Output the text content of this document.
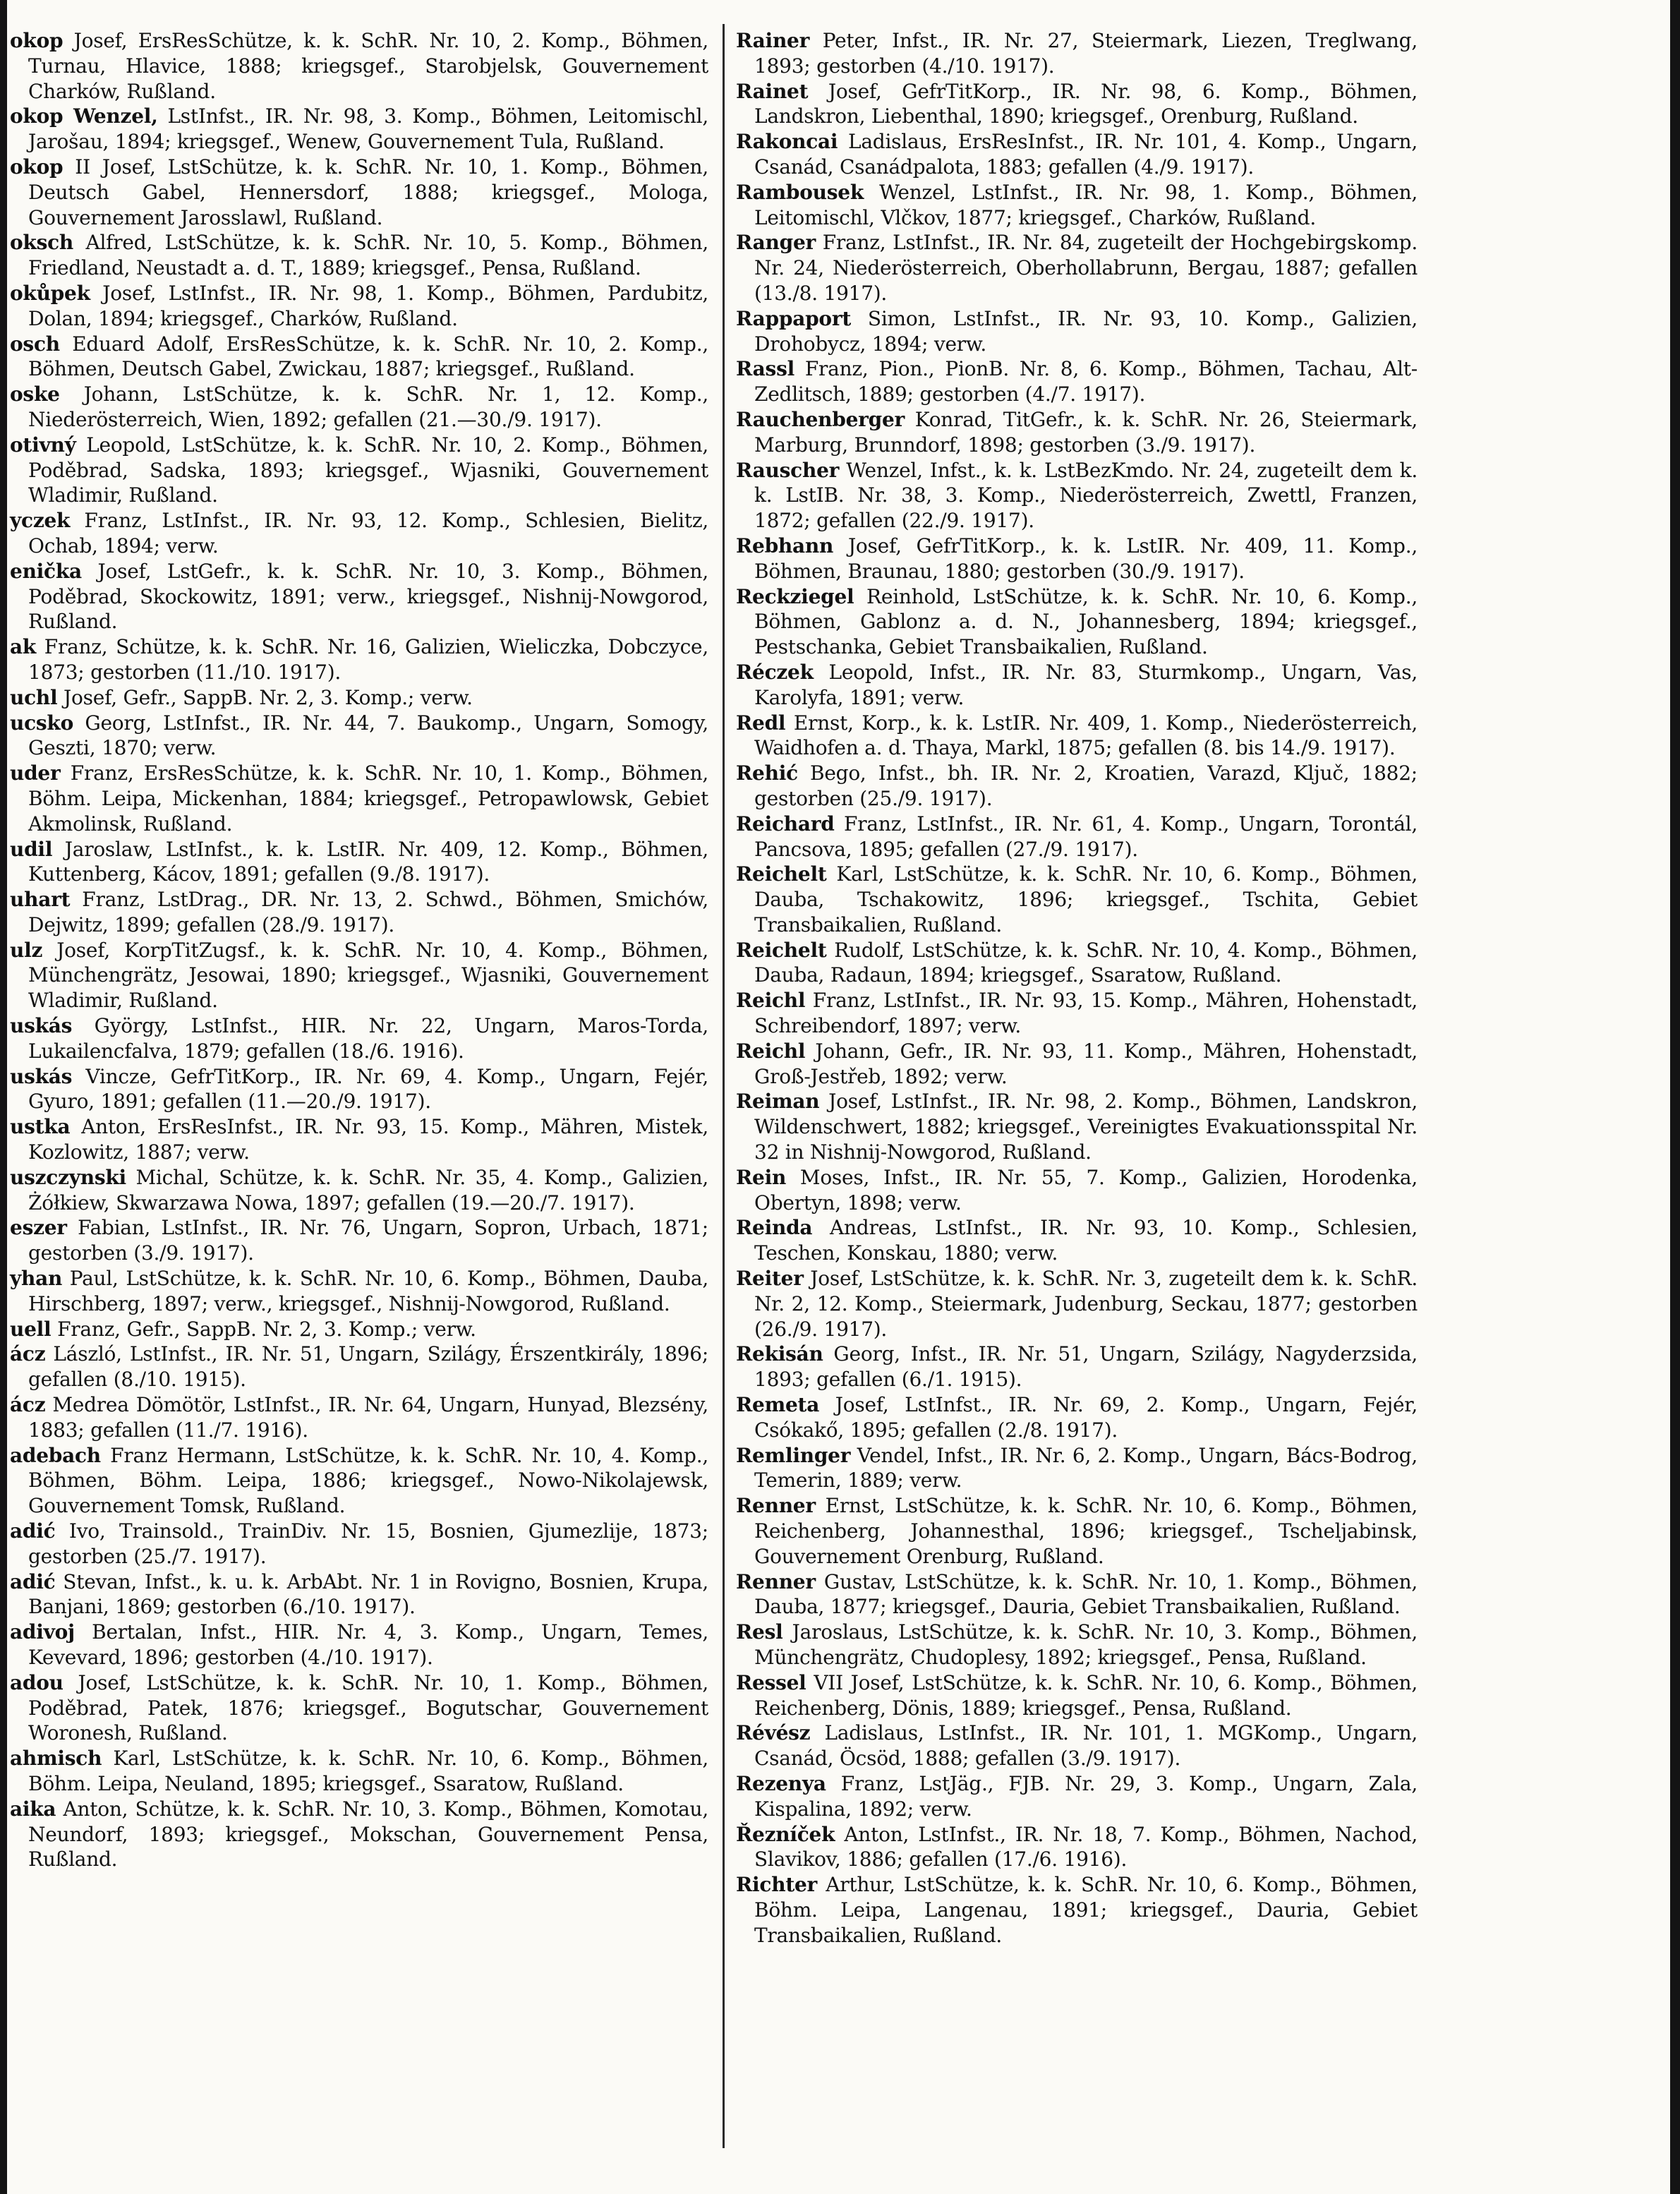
okop Josef, ErsResSchütze, k. k. SchR. Nr. 10, 2. Komp., Böhmen, Turnau, Hlavice, 1888; kriegsgef., Starobjelsk, Gouvernement Charków, Rußland.

okop Wenzel, LstInfst., IR. Nr. 98, 3. Komp., Böhmen, Leitomischl, Jarošau, 1894; kriegsgef., Wenew, Gouvernement Tula, Rußland.

okop II Josef, LstSchütze, k. k. SchR. Nr. 10, 1. Komp., Böhmen, Deutsch Gabel, Hennersdorf, 1888; kriegsgef., Mologa, Gouvernement Jarosslawl, Rußland.

oksch Alfred, LstSchütze, k. k. SchR. Nr. 10, 5. Komp., Böhmen, Friedland, Neustadt a. d. T., 1889; kriegsgef., Pensa, Rußland.

okůpek Josef, LstInfst., IR. Nr. 98, 1. Komp., Böhmen, Pardubitz, Dolan, 1894; kriegsgef., Charków, Rußland.

osch Eduard Adolf, ErsResSchütze, k. k. SchR. Nr. 10, 2. Komp., Böhmen, Deutsch Gabel, Zwickau, 1887; kriegsgef., Rußland.

oske Johann, LstSchütze, k. k. SchR. Nr. 1, 12. Komp., Niederösterreich, Wien, 1892; gefallen (21.—30./9. 1917).

otivný Leopold, LstSchütze, k. k. SchR. Nr. 10, 2. Komp., Böhmen, Poděbrad, Sadska, 1893; kriegsgef., Wjasniki, Gouvernement Wladimir, Rußland.

yczek Franz, LstInfst., IR. Nr. 93, 12. Komp., Schlesien, Bielitz, Ochab, 1894; verw.

enička Josef, LstGefr., k. k. SchR. Nr. 10, 3. Komp., Böhmen, Poděbrad, Skockowitz, 1891; verw., kriegsgef., Nishnij-Nowgorod, Rußland.

ak Franz, Schütze, k. k. SchR. Nr. 16, Galizien, Wieliczka, Dobczyce, 1873; gestorben (11./10. 1917).

uchl Josef, Gefr., SappB. Nr. 2, 3. Komp.; verw.

ucsko Georg, LstInfst., IR. Nr. 44, 7. Baukomp., Ungarn, Somogy, Geszti, 1870; verw.

uder Franz, ErsResSchütze, k. k. SchR. Nr. 10, 1. Komp., Böhmen, Böhm. Leipa, Mickenhan, 1884; kriegsgef., Petropawlowsk, Gebiet Akmolinsk, Rußland.

udil Jaroslaw, LstInfst., k. k. LstIR. Nr. 409, 12. Komp., Böhmen, Kuttenberg, Kácov, 1891; gefallen (9./8. 1917).

uhart Franz, LstDrag., DR. Nr. 13, 2. Schwd., Böhmen, Smichów, Dejwitz, 1899; gefallen (28./9. 1917).

ulz Josef, KorpTitZugsf., k. k. SchR. Nr. 10, 4. Komp., Böhmen, Münchengrätz, Jesowai, 1890; kriegsgef., Wjasniki, Gouvernement Wladimir, Rußland.

uskás György, LstInfst., HIR. Nr. 22, Ungarn, Maros-Torda, Lukailencfalva, 1879; gefallen (18./6. 1916).

uskás Vincze, GefrTitKorp., IR. Nr. 69, 4. Komp., Ungarn, Fejér, Gyuro, 1891; gefallen (11.—20./9. 1917).

ustka Anton, ErsResInfst., IR. Nr. 93, 15. Komp., Mähren, Mistek, Kozlowitz, 1887; verw.

uszczynski Michal, Schütze, k. k. SchR. Nr. 35, 4. Komp., Galizien, Żółkiew, Skwarzawa Nowa, 1897; gefallen (19.—20./7. 1917).

eszer Fabian, LstInfst., IR. Nr. 76, Ungarn, Sopron, Urbach, 1871; gestorben (3./9. 1917).

yhan Paul, LstSchütze, k. k. SchR. Nr. 10, 6. Komp., Böhmen, Dauba, Hirschberg, 1897; verw., kriegsgef., Nishnij-Nowgorod, Rußland.

uell Franz, Gefr., SappB. Nr. 2, 3. Komp.; verw.

ácz László, LstInfst., IR. Nr. 51, Ungarn, Szilágy, Érszentkirály, 1896; gefallen (8./10. 1915).

ácz Medrea Dömötör, LstInfst., IR. Nr. 64, Ungarn, Hunyad, Blezsény, 1883; gefallen (11./7. 1916).

adebach Franz Hermann, LstSchütze, k. k. SchR. Nr. 10, 4. Komp., Böhmen, Böhm. Leipa, 1886; kriegsgef., Nowo-Nikolajewsk, Gouvernement Tomsk, Rußland.

adić Ivo, Trainsold., TrainDiv. Nr. 15, Bosnien, Gjumezlije, 1873; gestorben (25./7. 1917).

adić Stevan, Infst., k. u. k. ArbAbt. Nr. 1 in Rovigno, Bosnien, Krupa, Banjani, 1869; gestorben (6./10. 1917).

adivoj Bertalan, Infst., HIR. Nr. 4, 3. Komp., Ungarn, Temes, Kevevard, 1896; gestorben (4./10. 1917).

adou Josef, LstSchütze, k. k. SchR. Nr. 10, 1. Komp., Böhmen, Poděbrad, Patek, 1876; kriegsgef., Bogutschar, Gouvernement Woronesh, Rußland.

ahmisch Karl, LstSchütze, k. k. SchR. Nr. 10, 6. Komp., Böhmen, Böhm. Leipa, Neuland, 1895; kriegsgef., Ssaratow, Rußland.

aika Anton, Schütze, k. k. SchR. Nr. 10, 3. Komp., Böhmen, Komotau, Neundorf, 1893; kriegsgef., Mokschan, Gouvernement Pensa, Rußland.

Rainer Peter, Infst., IR. Nr. 27, Steiermark, Liezen, Treglwang, 1893; gestorben (4./10. 1917).

Rainet Josef, GefrTitKorp., IR. Nr. 98, 6. Komp., Böhmen, Landskron, Liebenthal, 1890; kriegsgef., Orenburg, Rußland.

Rakoncai Ladislaus, ErsResInfst., IR. Nr. 101, 4. Komp., Ungarn, Csanád, Csanádpalota, 1883; gefallen (4./9. 1917).

Rambousek Wenzel, LstInfst., IR. Nr. 98, 1. Komp., Böhmen, Leitomischl, Vlčkov, 1877; kriegsgef., Charków, Rußland.

Ranger Franz, LstInfst., IR. Nr. 84, zugeteilt der Hochgebirgskomp. Nr. 24, Niederösterreich, Oberhollabrunn, Bergau, 1887; gefallen (13./8. 1917).

Rappaport Simon, LstInfst., IR. Nr. 93, 10. Komp., Galizien, Drohobycz, 1894; verw.

Rassl Franz, Pion., PionB. Nr. 8, 6. Komp., Böhmen, Tachau, Alt-Zedlitsch, 1889; gestorben (4./7. 1917).

Rauchenberger Konrad, TitGefr., k. k. SchR. Nr. 26, Steiermark, Marburg, Brunndorf, 1898; gestorben (3./9. 1917).

Rauscher Wenzel, Infst., k. k. LstBezKmdo. Nr. 24, zugeteilt dem k. k. LstIB. Nr. 38, 3. Komp., Niederösterreich, Zwettl, Franzen, 1872; gefallen (22./9. 1917).

Rebhann Josef, GefrTitKorp., k. k. LstIR. Nr. 409, 11. Komp., Böhmen, Braunau, 1880; gestorben (30./9. 1917).

Reckziegel Reinhold, LstSchütze, k. k. SchR. Nr. 10, 6. Komp., Böhmen, Gablonz a. d. N., Johannesberg, 1894; kriegsgef., Pestschanka, Gebiet Transbaikalien, Rußland.

Réczek Leopold, Infst., IR. Nr. 83, Sturmkomp., Ungarn, Vas, Karolyfa, 1891; verw.

Redl Ernst, Korp., k. k. LstIR. Nr. 409, 1. Komp., Niederösterreich, Waidhofen a. d. Thaya, Markl, 1875; gefallen (8. bis 14./9. 1917).

Rehić Bego, Infst., bh. IR. Nr. 2, Kroatien, Varazd, Ključ, 1882; gestorben (25./9. 1917).

Reichard Franz, LstInfst., IR. Nr. 61, 4. Komp., Ungarn, Torontál, Pancsova, 1895; gefallen (27./9. 1917).

Reichelt Karl, LstSchütze, k. k. SchR. Nr. 10, 6. Komp., Böhmen, Dauba, Tschakowitz, 1896; kriegsgef., Tschita, Gebiet Transbaikalien, Rußland.

Reichelt Rudolf, LstSchütze, k. k. SchR. Nr. 10, 4. Komp., Böhmen, Dauba, Radaun, 1894; kriegsgef., Ssaratow, Rußland.

Reichl Franz, LstInfst., IR. Nr. 93, 15. Komp., Mähren, Hohenstadt, Schreibendorf, 1897; verw.

Reichl Johann, Gefr., IR. Nr. 93, 11. Komp., Mähren, Hohenstadt, Groß-Jestřeb, 1892; verw.

Reiman Josef, LstInfst., IR. Nr. 98, 2. Komp., Böhmen, Landskron, Wildenschwert, 1882; kriegsgef., Vereinigtes Evakuationsspital Nr. 32 in Nishnij-Nowgorod, Rußland.

Rein Moses, Infst., IR. Nr. 55, 7. Komp., Galizien, Horodenka, Obertyn, 1898; verw.

Reinda Andreas, LstInfst., IR. Nr. 93, 10. Komp., Schlesien, Teschen, Konskau, 1880; verw.

Reiter Josef, LstSchütze, k. k. SchR. Nr. 3, zugeteilt dem k. k. SchR. Nr. 2, 12. Komp., Steiermark, Judenburg, Seckau, 1877; gestorben (26./9. 1917).

Rekisán Georg, Infst., IR. Nr. 51, Ungarn, Szilágy, Nagyderzsida, 1893; gefallen (6./1. 1915).

Remeta Josef, LstInfst., IR. Nr. 69, 2. Komp., Ungarn, Fejér, Csókakő, 1895; gefallen (2./8. 1917).

Remlinger Vendel, Infst., IR. Nr. 6, 2. Komp., Ungarn, Bács-Bodrog, Temerin, 1889; verw.

Renner Ernst, LstSchütze, k. k. SchR. Nr. 10, 6. Komp., Böhmen, Reichenberg, Johannesthal, 1896; kriegsgef., Tscheljabinsk, Gouvernement Orenburg, Rußland.

Renner Gustav, LstSchütze, k. k. SchR. Nr. 10, 1. Komp., Böhmen, Dauba, 1877; kriegsgef., Dauria, Gebiet Transbaikalien, Rußland.

Resl Jaroslaus, LstSchütze, k. k. SchR. Nr. 10, 3. Komp., Böhmen, Münchengrätz, Chudoplesy, 1892; kriegsgef., Pensa, Rußland.

Ressel VII Josef, LstSchütze, k. k. SchR. Nr. 10, 6. Komp., Böhmen, Reichenberg, Dönis, 1889; kriegsgef., Pensa, Rußland.

Révész Ladislaus, LstInfst., IR. Nr. 101, 1. MGKomp., Ungarn, Csanád, Öcsöd, 1888; gefallen (3./9. 1917).

Rezenya Franz, LstJäg., FJB. Nr. 29, 3. Komp., Ungarn, Zala, Kispalina, 1892; verw.

Řezníček Anton, LstInfst., IR. Nr. 18, 7. Komp., Böhmen, Nachod, Slavikov, 1886; gefallen (17./6. 1916).

Richter Arthur, LstSchütze, k. k. SchR. Nr. 10, 6. Komp., Böhmen, Böhm. Leipa, Langenau, 1891; kriegsgef., Dauria, Gebiet Transbaikalien, Rußland.
